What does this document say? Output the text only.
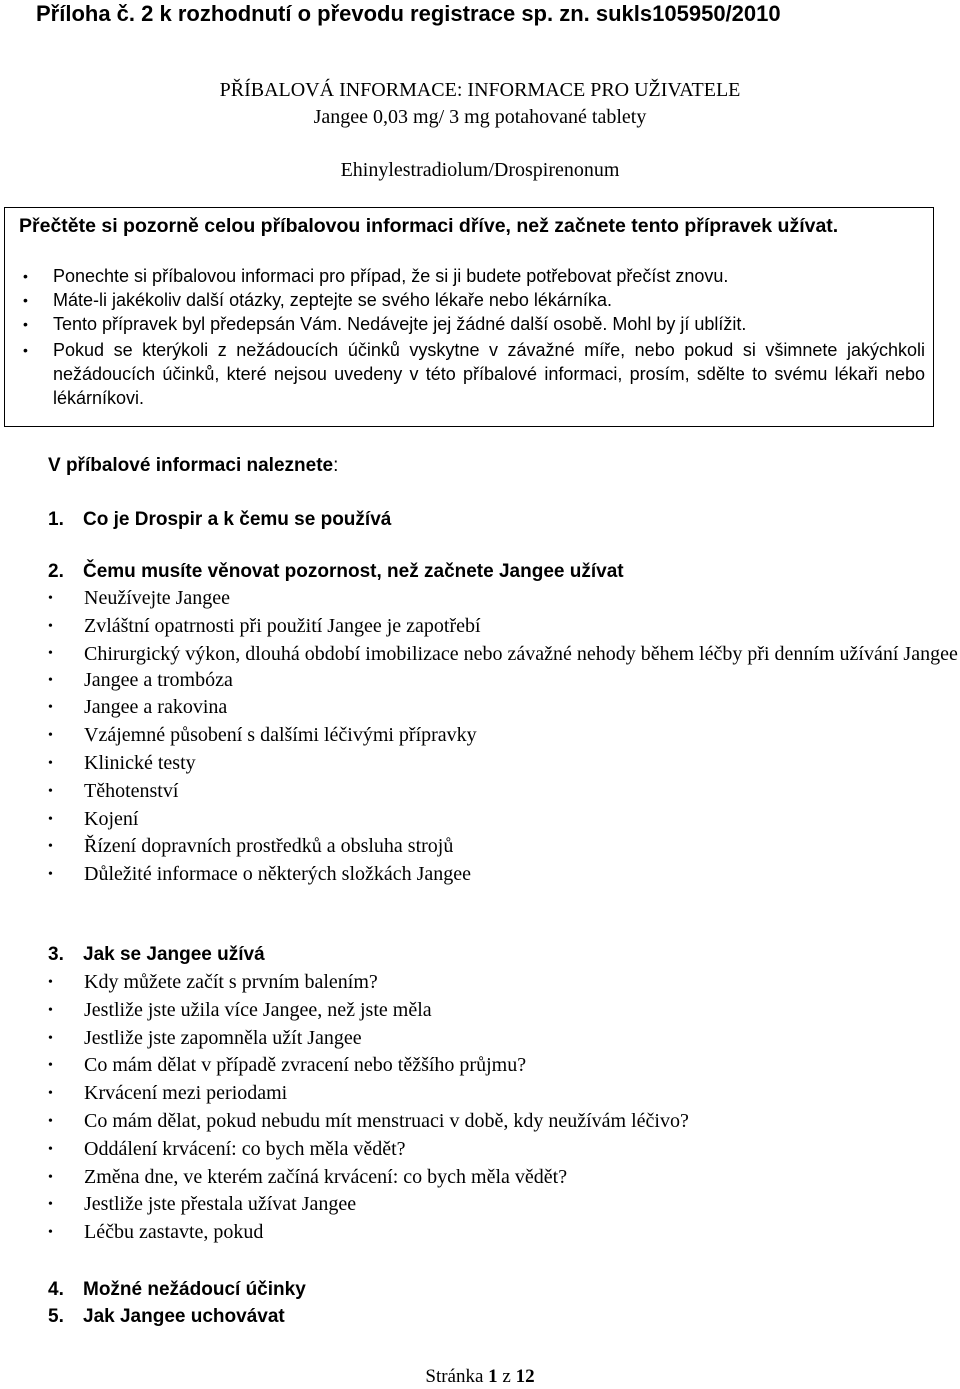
Příloha č. 2 k rozhodnutí o převodu registrace sp. zn. sukls105950/2010
PŘÍBALOVÁ INFORMACE: INFORMACE PRO UŽIVATELE
Jangee 0,03 mg/ 3 mg potahované tablety
Ehinylestradiolum/Drospirenonum
Přečtěte si pozorně celou příbalovou informaci dříve, než začnete tento přípravek užívat.
• Ponechte si příbalovou informaci pro případ, že si ji budete potřebovat přečíst znovu.
• Máte-li jakékoliv další otázky, zeptejte se svého lékaře nebo lékárníka.
• Tento přípravek byl předepsán Vám. Nedávejte jej žádné další osobě. Mohl by jí ublížit.
• Pokud se kterýkoli z nežádoucích účinků vyskytne v závažné míře, nebo pokud si všimnete jakýchkoli nežádoucích účinků, které nejsou uvedeny v této příbalové informaci, prosím, sdělte to svému lékaři nebo lékárníkovi.
V příbalové informaci naleznete:
1. Co je Drospir a k čemu se používá
2. Čemu musíte věnovat pozornost, než začnete Jangee užívat
• Neužívejte Jangee
• Zvláštní opatrnosti při použití Jangee je zapotřebí
• Chirurgický výkon, dlouhá období imobilizace nebo závažné nehody během léčby při denním užívání Jangee
• Jangee a trombóza
• Jangee a rakovina
• Vzájemné působení s dalšími léčivými přípravky
• Klinické testy
• Těhotenství
• Kojení
• Řízení dopravních prostředků a obsluha strojů
• Důležité informace o některých složkách Jangee
3. Jak se Jangee užívá
• Kdy můžete začít s prvním balením?
• Jestliže jste užila více Jangee, než jste měla
• Jestliže jste zapomněla užít Jangee
• Co mám dělat v případě zvracení nebo těžšího průjmu?
• Krvácení mezi periodami
• Co mám dělat, pokud nebudu mít menstruaci v době, kdy neužívám léčivo?
• Oddálení krvácení: co bych měla vědět?
• Změna dne, ve kterém začíná krvácení: co bych měla vědět?
• Jestliže jste přestala užívat Jangee
• Léčbu zastavte, pokud
4. Možné nežádoucí účinky
5. Jak Jangee uchovávat
Stránka 1 z 12
